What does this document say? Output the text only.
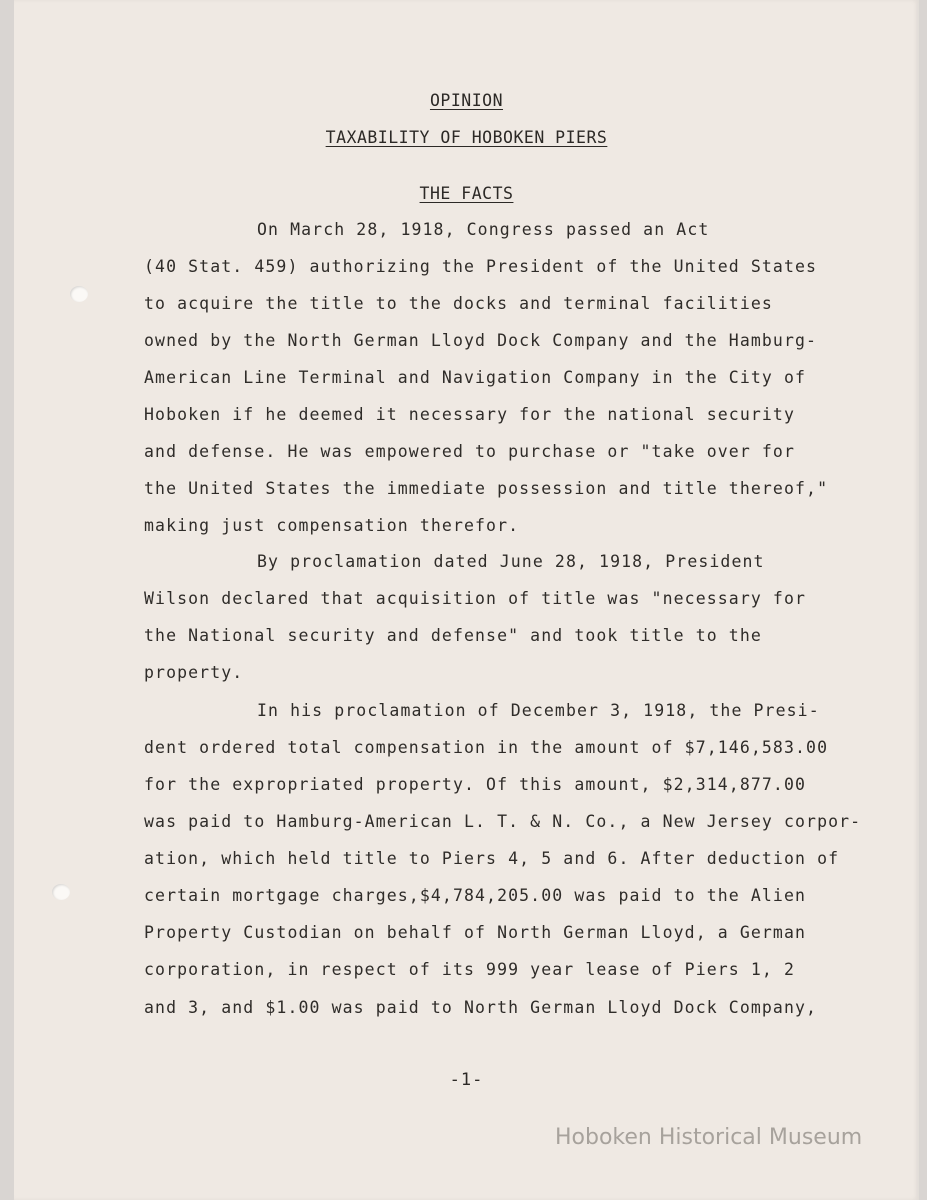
OPINION
TAXABILITY OF HOBOKEN PIERS
THE FACTS
On March 28, 1918, Congress passed an Act
(40 Stat. 459) authorizing the President of the United States
to acquire the title to the docks and terminal facilities
owned by the North German Lloyd Dock Company and the Hamburg-
American Line Terminal and Navigation Company in the City of
Hoboken if he deemed it necessary for the national security
and defense. He was empowered to purchase or "take over for
the United States the immediate possession and title thereof,"
making just compensation therefor.
By proclamation dated June 28, 1918, President
Wilson declared that acquisition of title was "necessary for
the National security and defense" and took title to the
property.
In his proclamation of December 3, 1918, the Presi-
dent ordered total compensation in the amount of $7,146,583.00
for the expropriated property. Of this amount, $2,314,877.00
was paid to Hamburg-American L. T. & N. Co., a New Jersey corpor-
ation, which held title to Piers 4, 5 and 6. After deduction of
certain mortgage charges,$4,784,205.00 was paid to the Alien
Property Custodian on behalf of North German Lloyd, a German
corporation, in respect of its 999 year lease of Piers 1, 2
and 3, and $1.00 was paid to North German Lloyd Dock Company,
-1-
Hoboken Historical Museum
